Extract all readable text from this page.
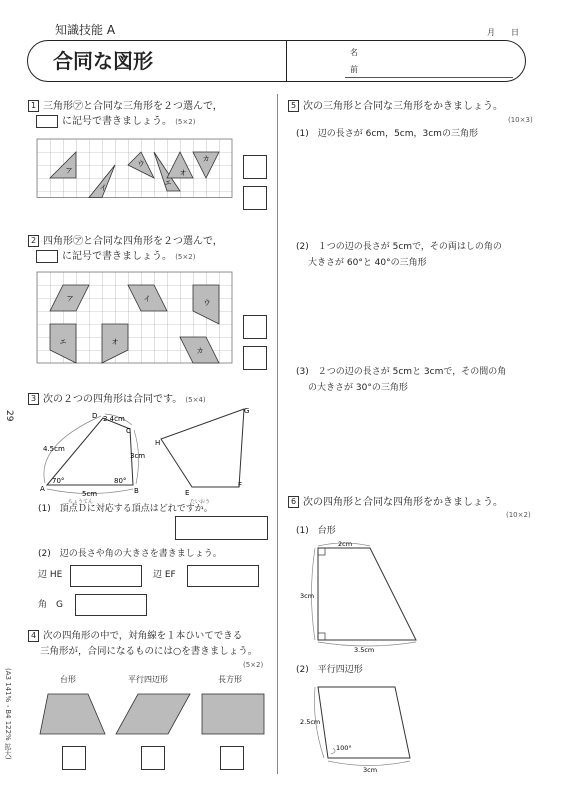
知識技能 A	月 日
合同な図形	名
前
29
(A3 141%・B4 122% 拡大)
1 三角形㋐と合同な三角形を２つ選んで，
に記号で書きましょう。 (5×2)
ア
イ
ウ
エ
オ
カ
2 四角形㋐と合同な四角形を２つ選んで，
に記号で書きましょう。 (5×2)
ア	イ	ウ
エ	オ
カ
3 次の２つの四角形は合同です。 (5×4)
A	B
C
D
E
F
G
H
2.4cm
4.5cm
3cm
5cm
70°	80°
ちょうてん	たいおう
(1)　 頂点Ｄに対応する頂点はどれですか。
(2)　 辺の長さや角の大きさを書きましょう。
辺 HE	辺 EF
角　G
4 次の四角形の中で，対角線を１本ひいてできる
三角形が，合同になるものには○を書きましょう。
(5×2)
台形	平行四辺形	長方形
5 次の三角形と合同な三角形をかきましょう。
(10×3)
(1)　 辺の長さが 6cm，5cm，3cmの三角形
(2)　 １つの辺の長さが 5cmで，その両はしの角の
大きさが 60°と 40°の三角形
(3)　 ２つの辺の長さが 5cmと 3cmで，その間の角
の大きさが 30°の三角形
6 次の四角形と合同な四角形をかきましょう。
(10×2)
(1)　 台形
2cm
3cm
3.5cm
(2)　 平行四辺形
2.5cm
100°
3cm
